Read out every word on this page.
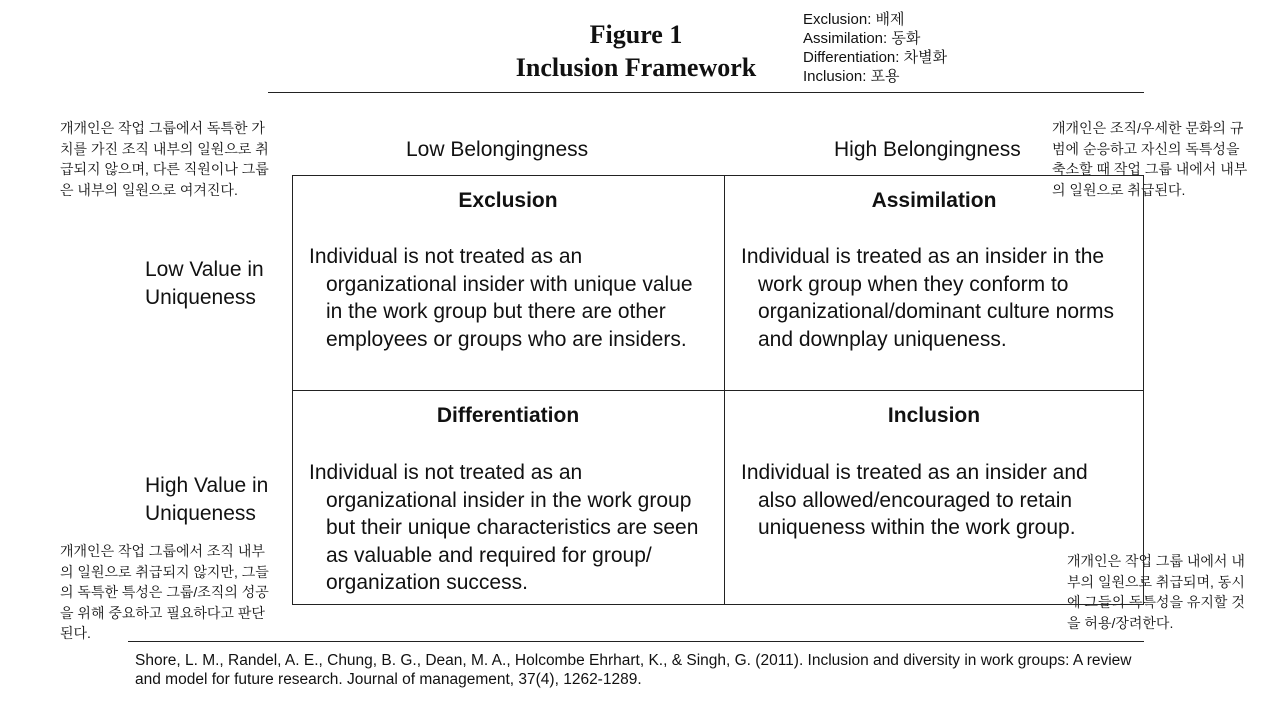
Figure 1
Inclusion Framework
Exclusion: 배제
Assimilation: 동화
Differentiation: 차별화
Inclusion: 포용
개개인은 작업 그룹에서 독특한 가치를 가진 조직 내부의 일원으로 취급되지 않으며, 다른 직원이나 그룹은 내부의 일원으로 여겨진다.
개개인은 조직/우세한 문화의 규범에 순응하고 자신의 독특성을 축소할 때 작업 그룹 내에서 내부의 일원으로 취급된다.
개개인은 작업 그룹에서 조직 내부의 일원으로 취급되지 않지만, 그들의 독특한 특성은 그룹/조직의 성공을 위해 중요하고 필요하다고 판단된다.
개개인은 작업 그룹 내에서 내부의 일원으로 취급되며, 동시에 그들의 독특성을 유지할 것을 허용/장려한다.
Low Belongingness	High Belongingness
Low Value in Uniqueness
High Value in Uniqueness
Exclusion
Individual is not treated as an organizational insider with unique value in the work group but there are other employees or groups who are insiders.
Assimilation
Individual is treated as an insider in the work group when they conform to organizational/dominant culture norms and downplay uniqueness.
Differentiation
Individual is not treated as an organizational insider in the work group but their unique characteristics are seen as valuable and required for group/ organization success.
Inclusion
Individual is treated as an insider and also allowed/encouraged to retain uniqueness within the work group.
Shore, L. M., Randel, A. E., Chung, B. G., Dean, M. A., Holcombe Ehrhart, K., & Singh, G. (2011). Inclusion and diversity in work groups: A review and model for future research. Journal of management, 37(4), 1262-1289.
